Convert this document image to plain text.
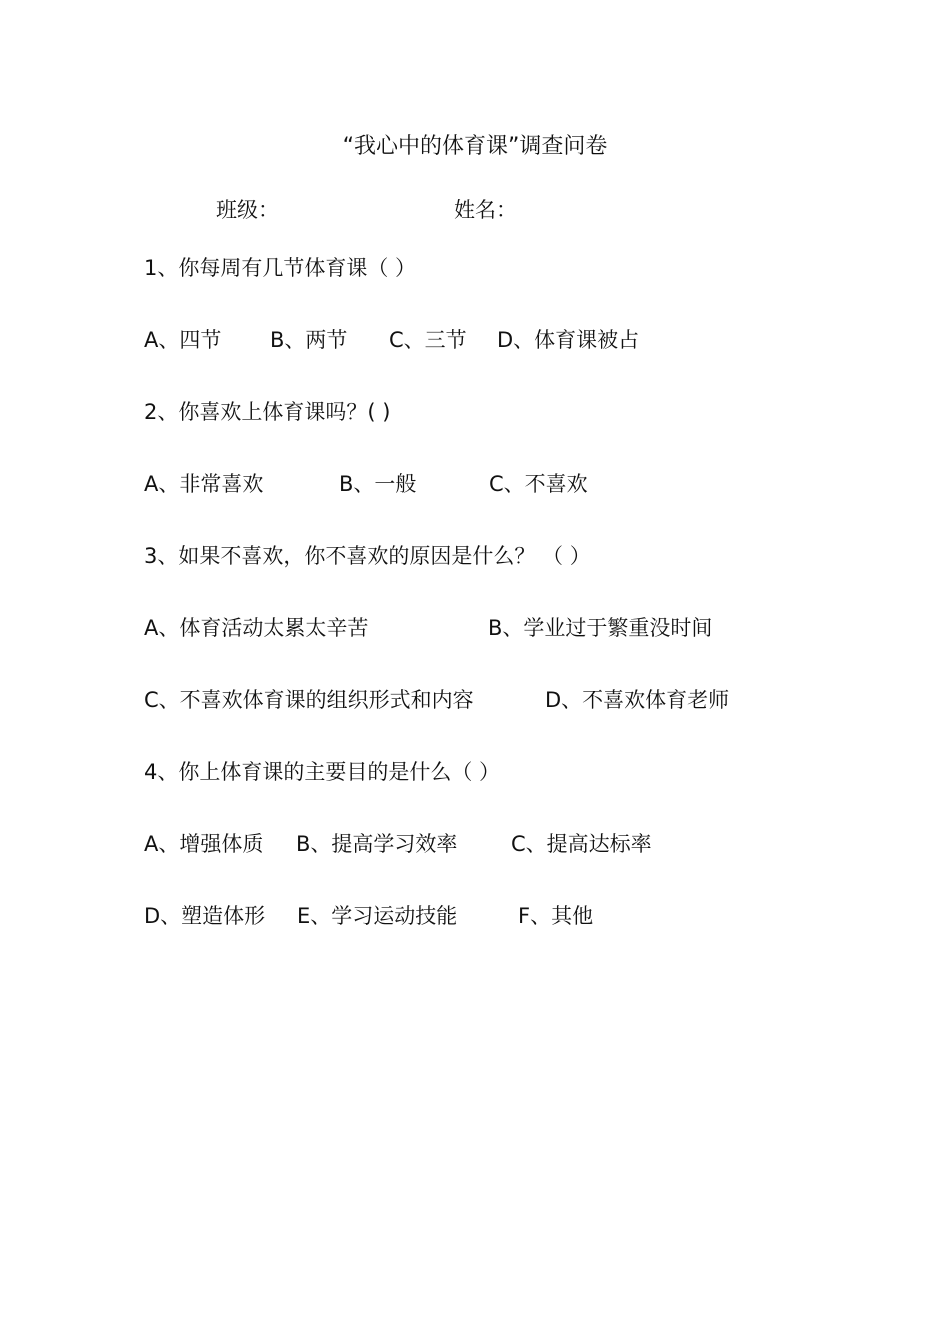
“我心中的体育课”调查问卷
班级：	姓名：
1、你每周有几节体育课（ ）
A、四节 B、两节 C、三节 D、体育课被占
2、你喜欢上体育课吗？( )
A、非常喜欢	B、一般	C、不喜欢
3、如果不喜欢，你不喜欢的原因是什么？ （ ）
A、体育活动太累太辛苦	B、学业过于繁重没时间
C、不喜欢体育课的组织形式和内容	D、不喜欢体育老师
4、你上体育课的主要目的是什么（ ）
A、增强体质 B、提高学习效率	C、提高达标率
D、塑造体形 E、学习运动技能	F、其他
